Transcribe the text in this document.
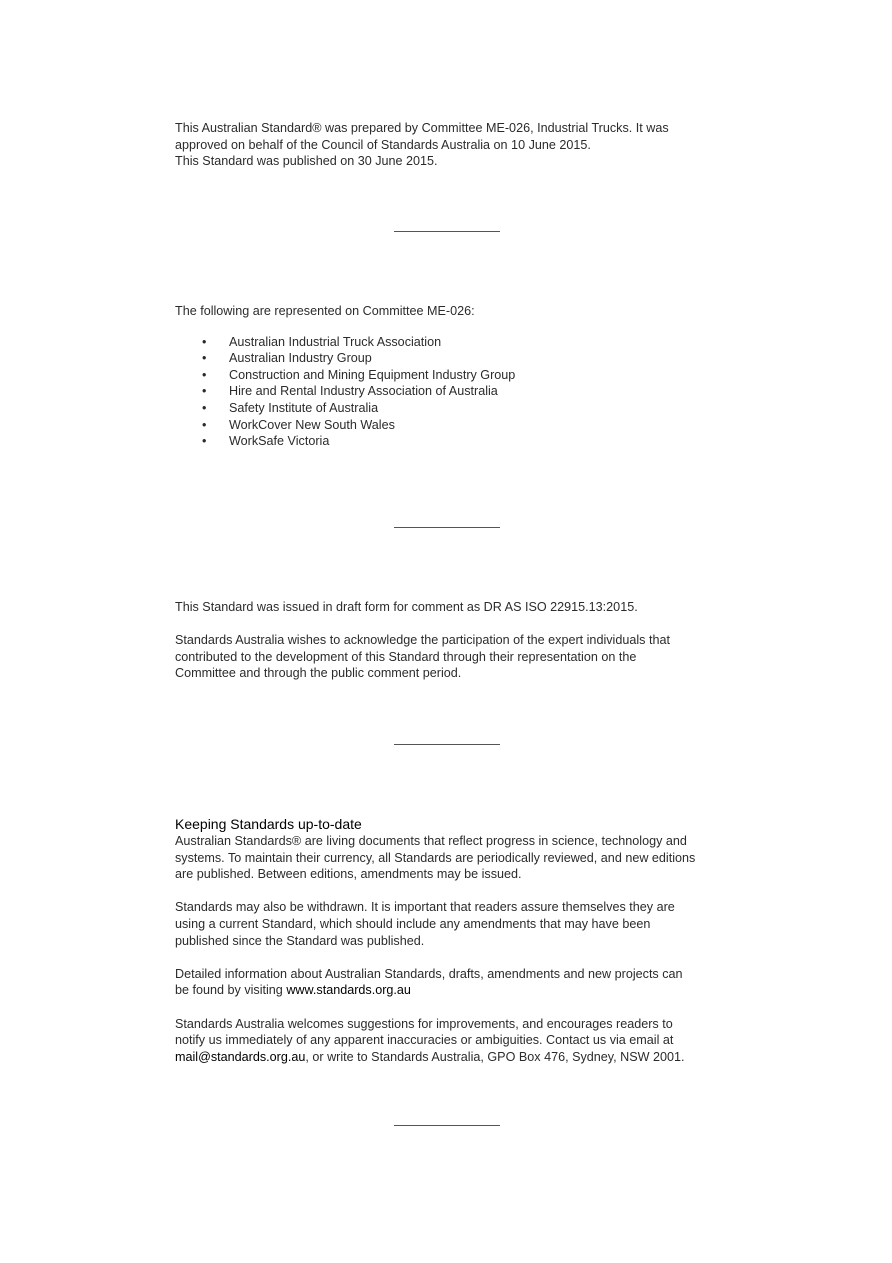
This Australian Standard® was prepared by Committee ME-026, Industrial Trucks. It was

approved on behalf of the Council of Standards Australia on 10 June 2015.

This Standard was published on 30 June 2015.

The following are represented on Committee ME-026:

• Australian Industrial Truck Association
• Australian Industry Group
• Construction and Mining Equipment Industry Group
• Hire and Rental Industry Association of Australia
• Safety Institute of Australia
• WorkCover New South Wales
• WorkSafe Victoria

This Standard was issued in draft form for comment as DR AS ISO 22915.13:2015.

Standards Australia wishes to acknowledge the participation of the expert individuals that

contributed to the development of this Standard through their representation on the

Committee and through the public comment period.

Keeping Standards up-to-date

Australian Standards® are living documents that reflect progress in science, technology and

systems. To maintain their currency, all Standards are periodically reviewed, and new editions

are published. Between editions, amendments may be issued.

Standards may also be withdrawn. It is important that readers assure themselves they are

using a current Standard, which should include any amendments that may have been

published since the Standard was published.

Detailed information about Australian Standards, drafts, amendments and new projects can

be found by visiting www.standards.org.au

Standards Australia welcomes suggestions for improvements, and encourages readers to

notify us immediately of any apparent inaccuracies or ambiguities. Contact us via email at

mail@standards.org.au, or write to Standards Australia, GPO Box 476, Sydney, NSW 2001.
